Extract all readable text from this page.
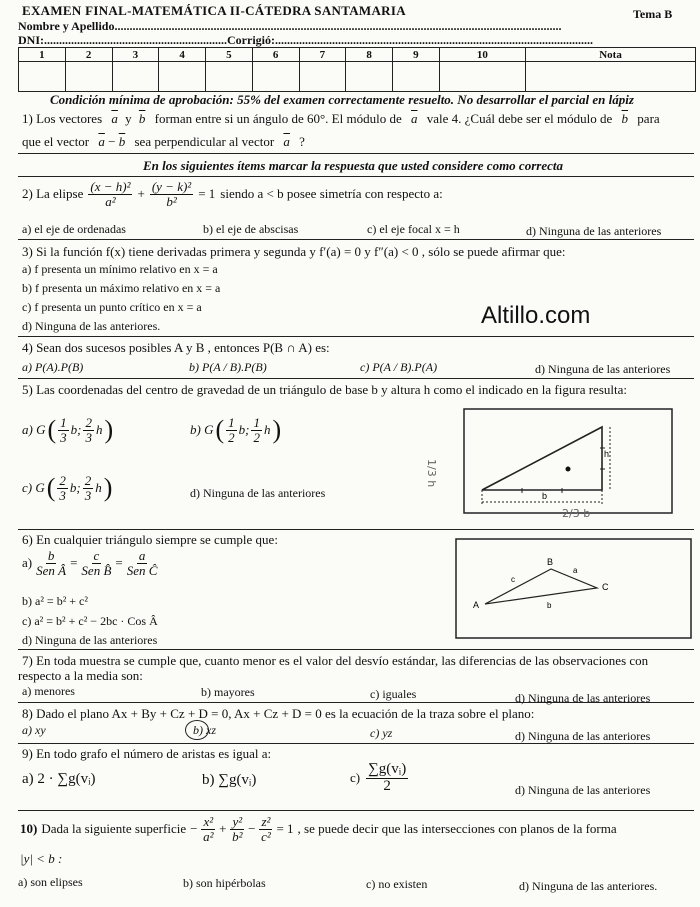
EXAMEN FINAL-MATEMÁTICA II-CÁTEDRA SANTAMARIA	Tema B
Nombre y Apellido.....................................................................................................................................................
DNI:.............................................................Corrigió:..........................................................................................................
1	2	3	4	5	6	7	8	9	10	Nota

Condición mínima de aprobación: 55% del examen correctamente resuelto. No desarrollar el parcial en lápiz
1) Los vectores $\overline{a}$ y $\overline{b}$ forman entre si un ángulo de 60°. El módulo de $\overline{a}$ vale 4. ¿Cuál debe ser el módulo de $\overline{b}$ para
que el vector $\overline{a} - \overline{b}$ sea perpendicular al vector $\overline{a}$ ?
En los siguientes ítems marcar la respuesta que usted considere como correcta
2) La elipse $\frac{\text{(x − h)²}}{\text{a²}} + \frac{\text{(y − k)²}}{\text{b²}} = 1$ siendo a < b posee simetría con respecto a:
a) el eje de ordenadas	b) el eje de abscisas	c) el eje focal x = h	d) Ninguna de las anteriores
3) Si la función f(x) tiene derivadas primera y segunda y f′(a) = 0 y f″(a) < 0 , sólo se puede afirmar que:
a) f presenta un mínimo relativo en x = a
b) f presenta un máximo relativo en x = a
c) f presenta un punto crítico en x = a
d) Ninguna de las anteriores.	Altillo.com
4) Sean dos sucesos posibles A y B , entonces P(B ∩ A) es:
a) P(A).P(B)	b) P(A / B).P(B)	c) P(A / B).P(A)	d) Ninguna de las anteriores
5) Las coordenadas del centro de gravedad de un triángulo de base b y altura h como el indicado en la figura resulta:
a) G ( $\frac{1}{3} b$; $\frac{2}{3}$ h )	b) G ( $\frac{1}{2} b$; $\frac{1}{2}$ h )
c) G ( $\frac{2}{3} b$; $\frac{2}{3}$ h )	d) Ninguna de las anteriores
h
b
1/3 h
2/3 b
6) En cualquier triángulo siempre se cumple que:
$a) \frac{b}{\text{Sen Â}} = \frac{c}{\text{Sen B̂}} = \frac{a}{\text{Sen Ĉ}}$
b) a² = b² + c²
c) a² = b² + c² − 2bc · Cos Â
d) Ninguna de las anteriores
A
B
C
a
b
c
7) En toda muestra se cumple que, cuanto menor es el valor del desvío estándar, las diferencias de las observaciones con
respecto a la media son:
a) menores	b) mayores	c) iguales	d) Ninguna de las anteriores
8) Dado el plano Ax + By + Cz + D = 0, Ax + Cz + D = 0 es la ecuación de la traza sobre el plano:
a) xy	b) xz	c) yz	d) Ninguna de las anteriores
9) En todo grafo el número de aristas es igual a:
a) 2 · ∑g(vᵢ)	b) ∑g(vᵢ)	$c) \frac{\text{∑g(vᵢ)}}{2}$	d) Ninguna de las anteriores
10) Dada la siguiente superficie − $\frac{\text{x²}}{\text{a²}} + \frac{\text{y²}}{\text{b²}} - \frac{\text{z²}}{\text{c²}} = 1$ , se puede decir que las intersecciones con planos de la forma
|y| < b :
a) son elipses	b) son hipérbolas	c) no existen	d) Ninguna de las anteriores.
